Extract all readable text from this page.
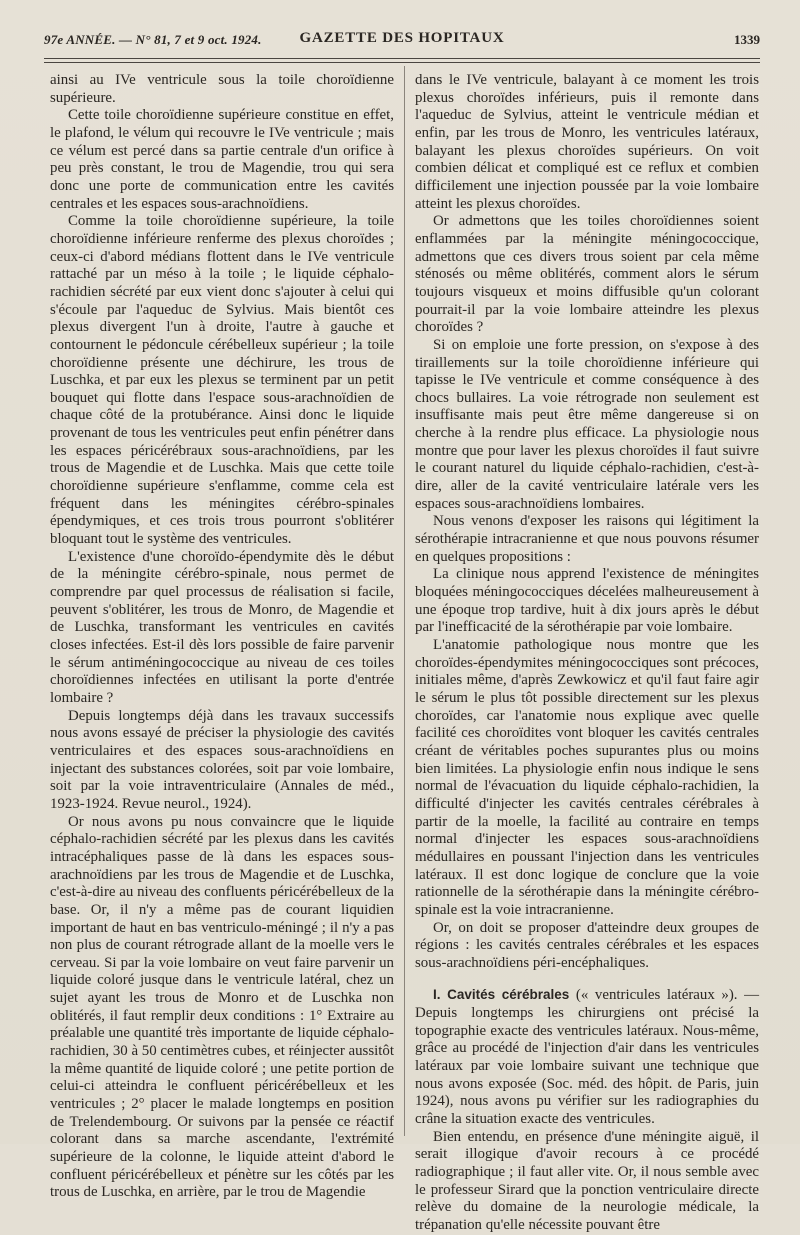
97e ANNÉE. — N° 81, 7 et 9 oct. 1924.	GAZETTE DES HOPITAUX	1339

ainsi au IVe ventricule sous la toile choroïdienne supérieure.

Cette toile choroïdienne supérieure constitue en effet, le plafond, le vélum qui recouvre le IVe ventricule ; mais ce vélum est percé dans sa partie centrale d'un orifice à peu près constant, le trou de Magendie, trou qui sera donc une porte de communication entre les cavités centrales et les espaces sous-arachnoïdiens.

Comme la toile choroïdienne supérieure, la toile choroïdienne inférieure renferme des plexus choroïdes ; ceux-ci d'abord médians flottent dans le IVe ventricule rattaché par un méso à la toile ; le liquide céphalo-rachidien sécrété par eux vient donc s'ajouter à celui qui s'écoule par l'aqueduc de Sylvius. Mais bientôt ces plexus divergent l'un à droite, l'autre à gauche et contournent le pédoncule cérébelleux supérieur ; la toile choroïdienne présente une déchirure, les trous de Luschka, et par eux les plexus se terminent par un petit bouquet qui flotte dans l'espace sous-arachnoïdien de chaque côté de la protubérance. Ainsi donc le liquide provenant de tous les ventricules peut enfin pénétrer dans les espaces péricérébraux sous-arachnoïdiens, par les trous de Magendie et de Luschka. Mais que cette toile choroïdienne supérieure s'enflamme, comme cela est fréquent dans les méningites cérébro-spinales épendymiques, et ces trois trous pourront s'oblitérer bloquant tout le système des ventricules.

L'existence d'une choroïdo-épendymite dès le début de la méningite cérébro-spinale, nous permet de comprendre par quel processus de réalisation si facile, peuvent s'oblitérer, les trous de Monro, de Magendie et de Luschka, transformant les ventricules en cavités closes infectées. Est-il dès lors possible de faire parvenir le sérum antiméningococcique au niveau de ces toiles choroïdiennes infectées en utilisant la porte d'entrée lombaire ?

Depuis longtemps déjà dans les travaux successifs nous avons essayé de préciser la physiologie des cavités ventriculaires et des espaces sous-arachnoïdiens en injectant des substances colorées, soit par voie lombaire, soit par la voie intraventriculaire (Annales de méd., 1923-1924. Revue neurol., 1924).

Or nous avons pu nous convaincre que le liquide céphalo-rachidien sécrété par les plexus dans les cavités intracéphaliques passe de là dans les espaces sous-arachnoïdiens par les trous de Magendie et de Luschka, c'est-à-dire au niveau des confluents péricérébelleux de la base. Or, il n'y a même pas de courant liquidien important de haut en bas ventriculo-méningé ; il n'y a pas non plus de courant rétrograde allant de la moelle vers le cerveau. Si par la voie lombaire on veut faire parvenir un liquide coloré jusque dans le ventricule latéral, chez un sujet ayant les trous de Monro et de Luschka non oblitérés, il faut remplir deux conditions : 1° Extraire au préalable une quantité très importante de liquide céphalo-rachidien, 30 à 50 centimètres cubes, et réinjecter aussitôt la même quantité de liquide coloré ; une petite portion de celui-ci atteindra le confluent péricérébelleux et les ventricules ; 2° placer le malade longtemps en position de Trelendembourg. Or suivons par la pensée ce réactif colorant dans sa marche ascendante, l'extrémité supérieure de la colonne, le liquide atteint d'abord le confluent péricérébelleux et pénètre sur les côtés par les trous de Luschka, en arrière, par le trou de Magendie

dans le IVe ventricule, balayant à ce moment les trois plexus choroïdes inférieurs, puis il remonte dans l'aqueduc de Sylvius, atteint le ventricule médian et enfin, par les trous de Monro, les ventricules latéraux, balayant les plexus choroïdes supérieurs. On voit combien délicat et compliqué est ce reflux et combien difficilement une injection poussée par la voie lombaire atteint les plexus choroïdes.

Or admettons que les toiles choroïdiennes soient enflammées par la méningite méningococcique, admettons que ces divers trous soient par cela même sténosés ou même oblitérés, comment alors le sérum toujours visqueux et moins diffusible qu'un colorant pourrait-il par la voie lombaire atteindre les plexus choroïdes ?

Si on emploie une forte pression, on s'expose à des tiraillements sur la toile choroïdienne inférieure qui tapisse le IVe ventricule et comme conséquence à des chocs bullaires. La voie rétrograde non seulement est insuffisante mais peut être même dangereuse si on cherche à la rendre plus efficace. La physiologie nous montre que pour laver les plexus choroïdes il faut suivre le courant naturel du liquide céphalo-rachidien, c'est-à-dire, aller de la cavité ventriculaire latérale vers les espaces sous-arachnoïdiens lombaires.

Nous venons d'exposer les raisons qui légitiment la sérothérapie intracranienne et que nous pouvons résumer en quelques propositions :

La clinique nous apprend l'existence de méningites bloquées méningococciques décelées malheureusement à une époque trop tardive, huit à dix jours après le début par l'inefficacité de la sérothérapie par voie lombaire.

L'anatomie pathologique nous montre que les choroïdes-épendymites méningococciques sont précoces, initiales même, d'après Zewkowicz et qu'il faut faire agir le sérum le plus tôt possible directement sur les plexus choroïdes, car l'anatomie nous explique avec quelle facilité ces choroïdites vont bloquer les cavités centrales créant de véritables poches supurantes plus ou moins bien limitées. La physiologie enfin nous indique le sens normal de l'évacuation du liquide céphalo-rachidien, la difficulté d'injecter les cavités centrales cérébrales à partir de la moelle, la facilité au contraire en temps normal d'injecter les espaces sous-arachnoïdiens médullaires en poussant l'injection dans les ventricules latéraux. Il est donc logique de conclure que la voie rationnelle de la sérothérapie dans la méningite cérébro-spinale est la voie intracranienne.

Or, on doit se proposer d'atteindre deux groupes de régions : les cavités centrales cérébrales et les espaces sous-arachnoïdiens péri-encéphaliques.

I. Cavités cérébrales (« ventricules latéraux »). — Depuis longtemps les chirurgiens ont précisé la topographie exacte des ventricules latéraux. Nous-même, grâce au procédé de l'injection d'air dans les ventricules latéraux par voie lombaire suivant une technique que nous avons exposée (Soc. méd. des hôpit. de Paris, juin 1924), nous avons pu vérifier sur les radiographies du crâne la situation exacte des ventricules.

Bien entendu, en présence d'une méningite aiguë, il serait illogique d'avoir recours à ce procédé radiographique ; il faut aller vite. Or, il nous semble avec le professeur Sirard que la ponction ventriculaire directe relève du domaine de la neurologie médicale, la trépanation qu'elle nécessite pouvant être
